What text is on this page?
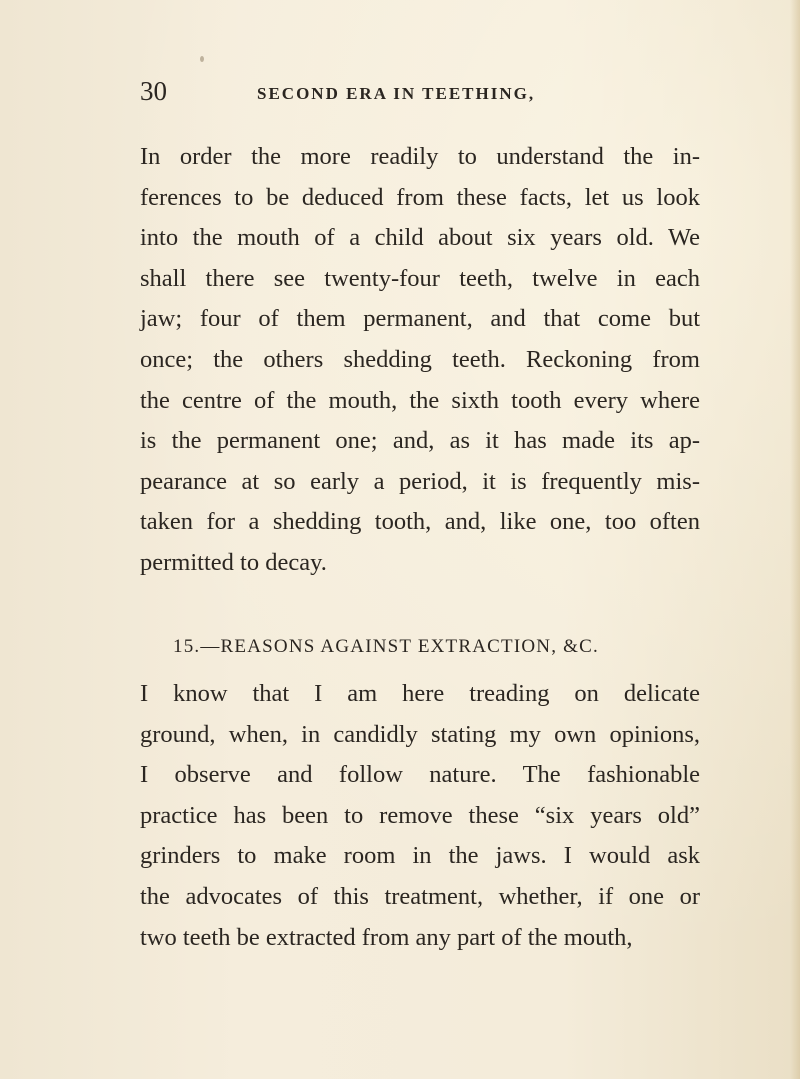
30	SECOND ERA IN TEETHING,
In order the more readily to understand the in-
ferences to be deduced from these facts, let us look
into the mouth of a child about six years old. We
shall there see twenty-four teeth, twelve in each
jaw; four of them permanent, and that come but
once; the others shedding teeth. Reckoning from
the centre of the mouth, the sixth tooth every where
is the permanent one; and, as it has made its ap-
pearance at so early a period, it is frequently mis-
taken for a shedding tooth, and, like one, too often
permitted to decay.
15.—REASONS AGAINST EXTRACTION, &C.
I know that I am here treading on delicate
ground, when, in candidly stating my own opinions,
I observe and follow nature. The fashionable
practice has been to remove these “six years old”
grinders to make room in the jaws. I would ask
the advocates of this treatment, whether, if one or
two teeth be extracted from any part of the mouth,
